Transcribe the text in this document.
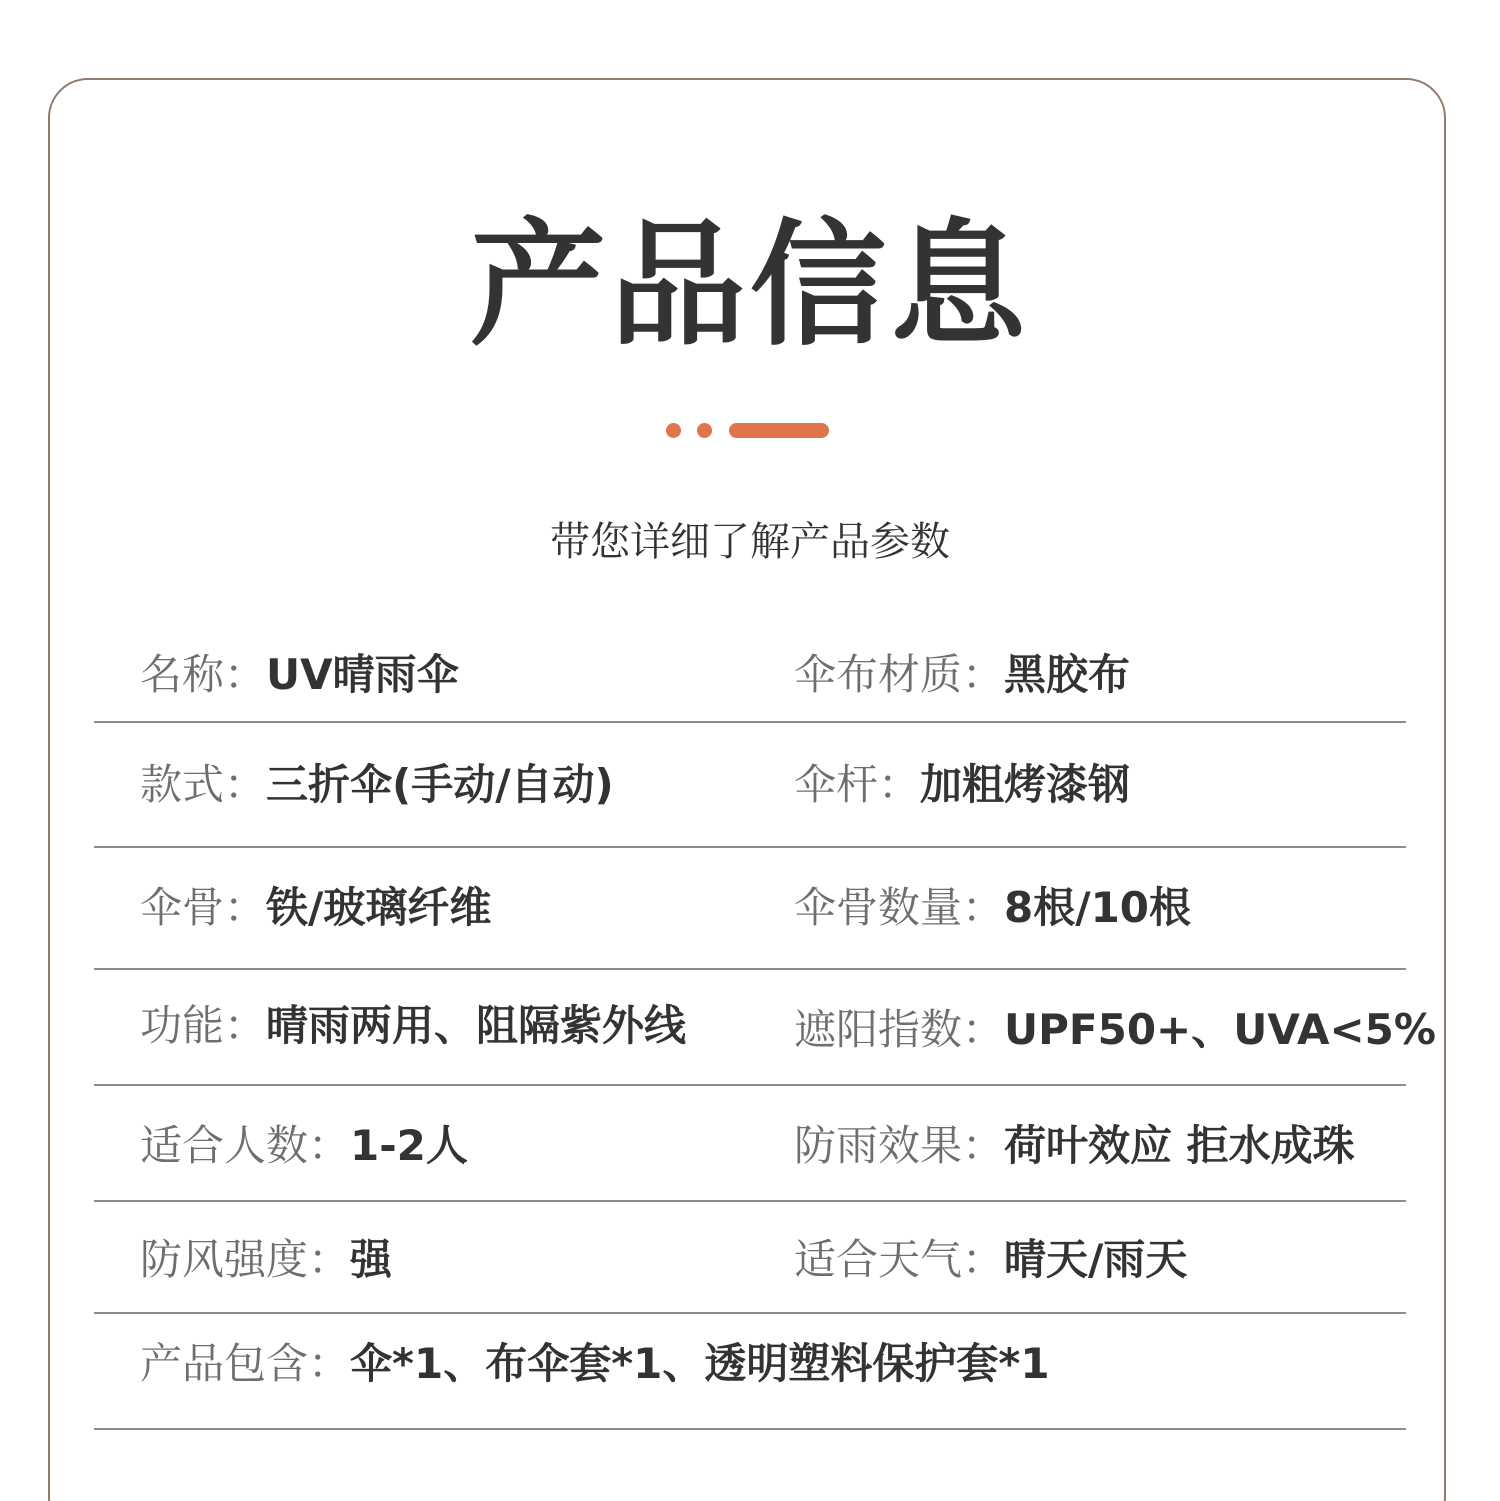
产品信息
带您详细了解产品参数
名称：UV晴雨伞	伞布材质：黑胶布
款式：三折伞(手动/自动)	伞杆：加粗烤漆钢
伞骨：铁/玻璃纤维	伞骨数量：8根/10根
功能：晴雨两用、阻隔紫外线	遮阳指数：UPF50+、UVA<5%
适合人数：1-2人	防雨效果：荷叶效应 拒水成珠
防风强度：强	适合天气：晴天/雨天
产品包含：伞*1、布伞套*1、透明塑料保护套*1
